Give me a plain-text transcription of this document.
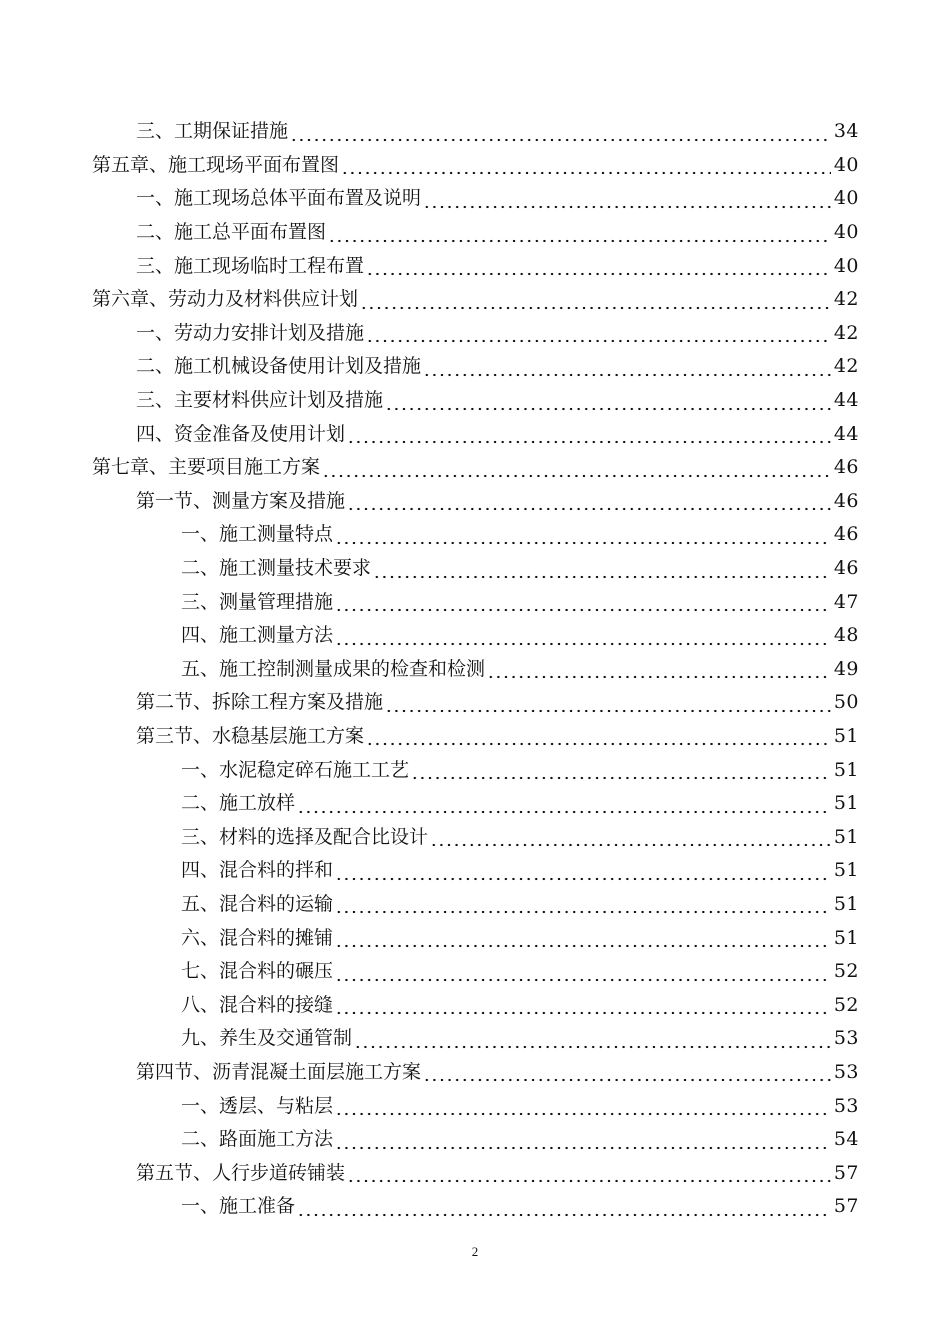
三、工期保证措施	34
第五章、施工现场平面布置图	40
一、施工现场总体平面布置及说明	40
二、施工总平面布置图	40
三、施工现场临时工程布置	40
第六章、劳动力及材料供应计划	42
一、劳动力安排计划及措施	42
二、施工机械设备使用计划及措施	42
三、主要材料供应计划及措施	44
四、资金准备及使用计划	44
第七章、主要项目施工方案	46
第一节、测量方案及措施	46
一、施工测量特点	46
二、施工测量技术要求	46
三、测量管理措施	47
四、施工测量方法	48
五、施工控制测量成果的检查和检测	49
第二节、拆除工程方案及措施	50
第三节、水稳基层施工方案	51
一、水泥稳定碎石施工工艺	51
二、施工放样	51
三、材料的选择及配合比设计	51
四、混合料的拌和	51
五、混合料的运输	51
六、混合料的摊铺	51
七、混合料的碾压	52
八、混合料的接缝	52
九、养生及交通管制	53
第四节、沥青混凝土面层施工方案	53
一、透层、与粘层	53
二、路面施工方法	54
第五节、人行步道砖铺装	57
一、施工准备	57
2
